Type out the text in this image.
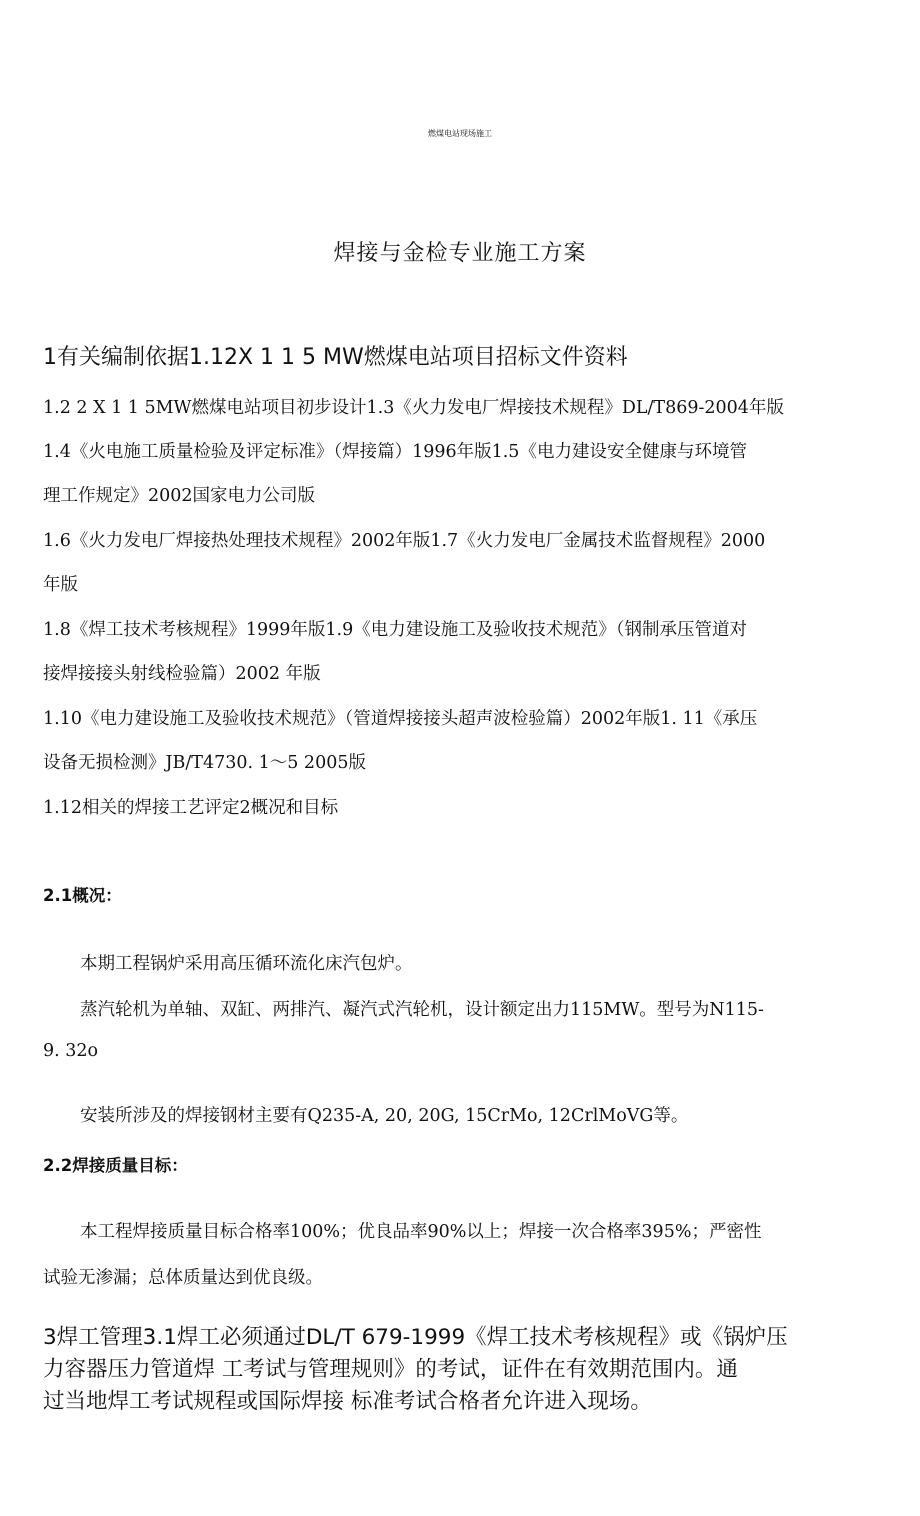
燃煤电站现场施工
焊接与金检专业施工方案
1有关编制依据1.12X 1 1 5 MW燃煤电站项目招标文件资料
1.2 2 X 1 1 5MW燃煤电站项目初步设计1.3《火力发电厂焊接技术规程》DL/T869-2004年版
1.4《火电施工质量检验及评定标准》（焊接篇）1996年版1.5《电力建设安全健康与环境管
理工作规定》2002国家电力公司版
1.6《火力发电厂焊接热处理技术规程》2002年版1.7《火力发电厂金属技术监督规程》2000
年版
1.8《焊工技术考核规程》1999年版1.9《电力建设施工及验收技术规范》（钢制承压管道对
接焊接接头射线检验篇）2002 年版
1.10《电力建设施工及验收技术规范》（管道焊接接头超声波检验篇）2002年版1. 11《承压
设备无损检测》JB/T4730. 1～5 2005版
1.12相关的焊接工艺评定2概况和目标
2.1概况：
本期工程锅炉采用高压循环流化床汽包炉。
蒸汽轮机为单轴、双缸、两排汽、凝汽式汽轮机，设计额定出力115MW。型号为N115-
9. 32o
安装所涉及的焊接钢材主要有Q235-A, 20, 20G, 15CrMo, 12CrlMoVG等。
2.2焊接质量目标：
本工程焊接质量目标合格率100%；优良品率90%以上；焊接一次合格率395%；严密性
试验无渗漏；总体质量达到优良级。
3焊工管理3.1焊工必须通过DL/T 679-1999《焊工技术考核规程》或《锅炉压
力容器压力管道焊 工考试与管理规则》的考试，证件在有效期范围内。通
过当地焊工考试规程或国际焊接 标准考试合格者允许进入现场。
